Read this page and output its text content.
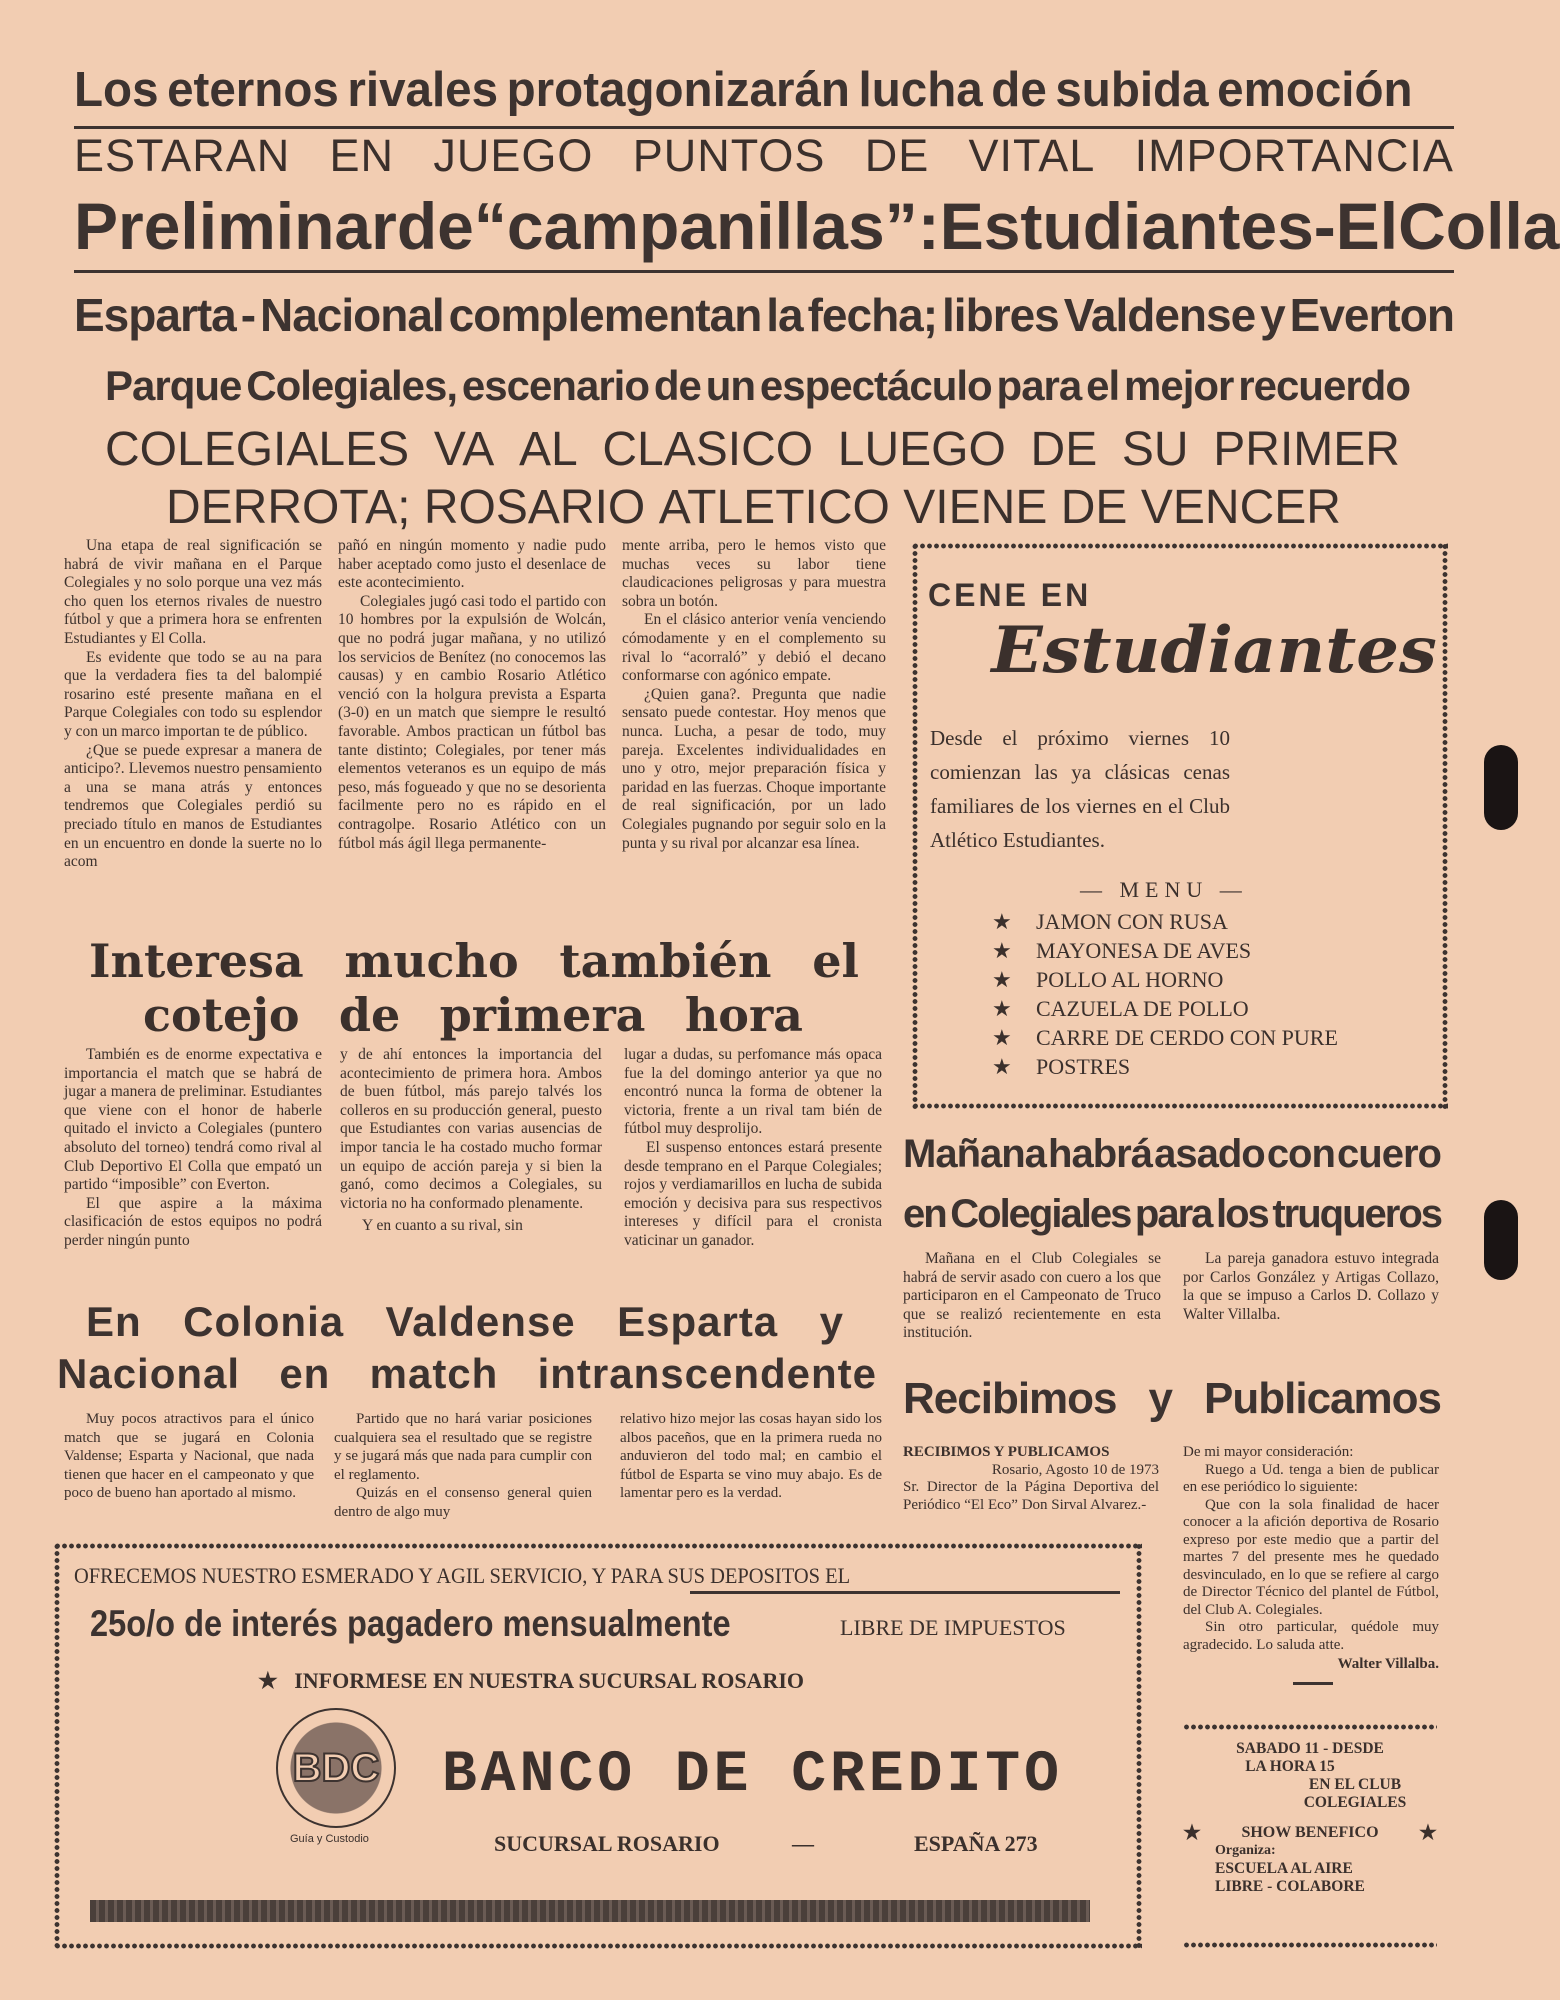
Los eternos rivales protagonizarán lucha de subida emoción
ESTARAN EN JUEGO PUNTOS DE VITAL IMPORTANCIA
Preliminar de “campanillas”: Estudiantes - El Colla
Esparta - Nacional complementan la fecha; libres Valdense y Everton
Parque Colegiales, escenario de un espectáculo para el mejor recuerdo
COLEGIALES VA AL CLASICO LUEGO DE SU PRIMER
DERROTA; ROSARIO ATLETICO VIENE DE VENCER

Una etapa de real significación se habrá de vivir mañana en el Parque Colegiales y no solo porque una vez más cho quen los eternos rivales de nuestro fútbol y que a primera hora se enfrenten Estudiantes y El Colla.

Es evidente que todo se au na para que la verdadera fies ta del balompié rosarino esté presente mañana en el Parque Colegiales con todo su esplendor y con un marco importan te de público.

¿Que se puede expresar a manera de anticipo?. Llevemos nuestro pensamiento a una se mana atrás y entonces tendremos que Colegiales perdió su preciado título en manos de Estudiantes en un encuentro en donde la suerte no lo acom

pañó en ningún momento y nadie pudo haber aceptado como justo el desenlace de este acontecimiento.

Colegiales jugó casi todo el partido con 10 hombres por la expulsión de Wolcán, que no podrá jugar mañana, y no utilizó los servicios de Benítez (no conocemos las causas) y en cambio Rosario Atlético venció con la holgura prevista a Esparta (3-0) en un match que siempre le resultó favorable. Ambos practican un fútbol bas tante distinto; Colegiales, por tener más elementos veteranos es un equipo de más peso, más fogueado y que no se desorienta facilmente pero no es rápido en el contragolpe. Rosario Atlético con un fútbol más ágil llega permanente-

mente arriba, pero le hemos visto que muchas veces su labor tiene claudicaciones peligrosas y para muestra sobra un botón.

En el clásico anterior venía venciendo cómodamente y en el complemento su rival lo “acorraló” y debió el decano conformarse con agónico empate.

¿Quien gana?. Pregunta que nadie sensato puede contestar. Hoy menos que nunca. Lucha, a pesar de todo, muy pareja. Excelentes individualidades en uno y otro, mejor preparación física y paridad en las fuerzas. Choque importante de real significación, por un lado Colegiales pugnando por seguir solo en la punta y su rival por alcanzar esa línea.

CENE EN
Estudiantes
Desde el próximo viernes 10 comienzan las ya clásicas cenas familiares de los viernes en el Club Atlético Estudiantes.
— MENU —
★ JAMON CON RUSA
★ MAYONESA DE AVES
★ POLLO AL HORNO
★ CAZUELA DE POLLO
★ CARRE DE CERDO CON PURE
★ POSTRES
Interesa mucho también el
cotejo de primera hora

También es de enorme expectativa e importancia el match que se habrá de jugar a manera de preliminar. Estudiantes que viene con el honor de haberle quitado el invicto a Colegiales (puntero absoluto del torneo) tendrá como rival al Club Deportivo El Colla que empató un partido “imposible” con Everton.

El que aspire a la máxima clasificación de estos equipos no podrá perder ningún punto

y de ahí entonces la importancia del acontecimiento de primera hora. Ambos de buen fútbol, más parejo talvés los colleros en su producción general, puesto que Estudiantes con varias ausencias de impor tancia le ha costado mucho formar un equipo de acción pareja y si bien la ganó, como decimos a Colegiales, su victoria no ha conformado plenamente.

Y en cuanto a su rival, sin

lugar a dudas, su perfomance más opaca fue la del domingo anterior ya que no encontró nunca la forma de obtener la victoria, frente a un rival tam bién de fútbol muy desprolijo.

El suspenso entonces estará presente desde temprano en el Parque Colegiales; rojos y verdiamarillos en lucha de subida emoción y decisiva para sus respectivos intereses y difícil para el cronista vaticinar un ganador.

En Colonia Valdense Esparta y
Nacional en match intranscendente

Muy pocos atractivos para el único match que se jugará en Colonia Valdense; Esparta y Nacional, que nada tienen que hacer en el campeonato y que poco de bueno han aportado al mismo.

Partido que no hará variar posiciones cualquiera sea el resultado que se registre y se jugará más que nada para cumplir con el reglamento.

Quizás en el consenso general quien dentro de algo muy

relativo hizo mejor las cosas hayan sido los albos paceños, que en la primera rueda no anduvieron del todo mal; en cambio el fútbol de Esparta se vino muy abajo. Es de lamentar pero es la verdad.

Mañana habrá asado con cuero
en Colegiales para los truqueros

Mañana en el Club Colegiales se habrá de servir asado con cuero a los que participaron en el Campeonato de Truco que se realizó recientemente en esta institución.

La pareja ganadora estuvo integrada por Carlos González y Artigas Collazo, la que se impuso a Carlos D. Collazo y Walter Villalba.

Recibimos y Publicamos
RECIBIMOS Y PUBLICAMOS
Rosario, Agosto 10 de 1973
Sr. Director de la Página Deportiva del Periódico “El Eco” Don Sirval Alvarez.-
De mi mayor consideración:

Ruego a Ud. tenga a bien de publicar en ese periódico lo siguiente:

Que con la sola finalidad de hacer conocer a la afición deportiva de Rosario expreso por este medio que a partir del martes 7 del presente mes he quedado desvinculado, en lo que se refiere al cargo de Director Técnico del plantel de Fútbol, del Club A. Colegiales.

Sin otro particular, quédole muy agradecido. Lo saluda atte.

Walter Villalba.
SABADO 11 - DESDE
LA HORA 15
EN EL CLUB
COLEGIALES
★	SHOW BENEFICO ★
Organiza:
ESCUELA AL AIRE
LIBRE - COLABORE
OFRECEMOS NUESTRO ESMERADO Y AGIL SERVICIO, Y PARA SUS DEPOSITOS EL
25o/o de interés pagadero mensualmente	LIBRE DE IMPUESTOS
★   INFORMESE EN NUESTRA SUCURSAL ROSARIO
BDC
Guía y Custodio
BANCO DE CREDITO
SUCURSAL ROSARIO	—	ESPAÑA 273
